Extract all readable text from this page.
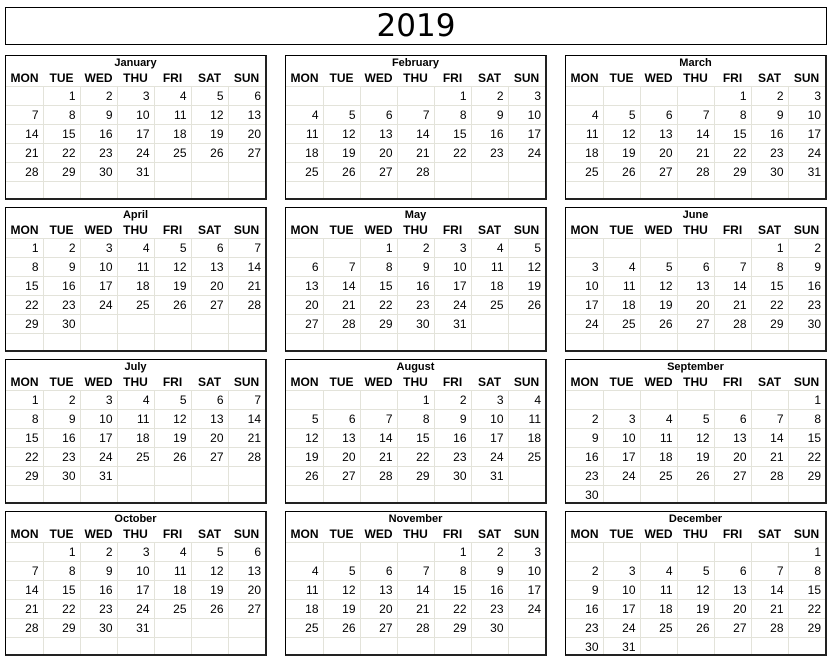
2019
January
MON	TUE	WED	THU	FRI	SAT	SUN
	1	2	3	4	5	6
7	8	9	10	11	12	13
14	15	16	17	18	19	20
21	22	23	24	25	26	27
28	29	30	31			

February
MON	TUE	WED	THU	FRI	SAT	SUN
				1	2	3
4	5	6	7	8	9	10
11	12	13	14	15	16	17
18	19	20	21	22	23	24
25	26	27	28			

March
MON	TUE	WED	THU	FRI	SAT	SUN
				1	2	3
4	5	6	7	8	9	10
11	12	13	14	15	16	17
18	19	20	21	22	23	24
25	26	27	28	29	30	31

April
MON	TUE	WED	THU	FRI	SAT	SUN
1	2	3	4	5	6	7
8	9	10	11	12	13	14
15	16	17	18	19	20	21
22	23	24	25	26	27	28
29	30					

May
MON	TUE	WED	THU	FRI	SAT	SUN
		1	2	3	4	5
6	7	8	9	10	11	12
13	14	15	16	17	18	19
20	21	22	23	24	25	26
27	28	29	30	31		

June
MON	TUE	WED	THU	FRI	SAT	SUN
					1	2
3	4	5	6	7	8	9
10	11	12	13	14	15	16
17	18	19	20	21	22	23
24	25	26	27	28	29	30

July
MON	TUE	WED	THU	FRI	SAT	SUN
1	2	3	4	5	6	7
8	9	10	11	12	13	14
15	16	17	18	19	20	21
22	23	24	25	26	27	28
29	30	31				

August
MON	TUE	WED	THU	FRI	SAT	SUN
			1	2	3	4
5	6	7	8	9	10	11
12	13	14	15	16	17	18
19	20	21	22	23	24	25
26	27	28	29	30	31	

September
MON	TUE	WED	THU	FRI	SAT	SUN
						1
2	3	4	5	6	7	8
9	10	11	12	13	14	15
16	17	18	19	20	21	22
23	24	25	26	27	28	29
30						
October
MON	TUE	WED	THU	FRI	SAT	SUN
	1	2	3	4	5	6
7	8	9	10	11	12	13
14	15	16	17	18	19	20
21	22	23	24	25	26	27
28	29	30	31			

November
MON	TUE	WED	THU	FRI	SAT	SUN
				1	2	3
4	5	6	7	8	9	10
11	12	13	14	15	16	17
18	19	20	21	22	23	24
25	26	27	28	29	30	

December
MON	TUE	WED	THU	FRI	SAT	SUN
						1
2	3	4	5	6	7	8
9	10	11	12	13	14	15
16	17	18	19	20	21	22
23	24	25	26	27	28	29
30	31					
